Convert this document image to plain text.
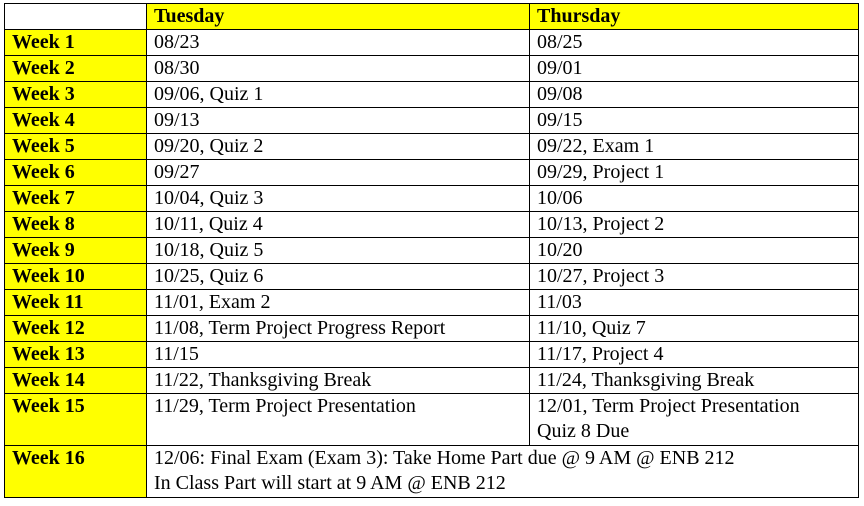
	Tuesday	Thursday
Week 1	08/23	08/25
Week 2	08/30	09/01
Week 3	09/06, Quiz 1	09/08
Week 4	09/13	09/15
Week 5	09/20, Quiz 2	09/22, Exam 1
Week 6	09/27	09/29, Project 1
Week 7	10/04, Quiz 3	10/06
Week 8	10/11, Quiz 4	10/13, Project 2
Week 9	10/18, Quiz 5	10/20
Week 10	10/25, Quiz 6	10/27, Project 3
Week 11	11/01, Exam 2	11/03
Week 12	11/08, Term Project Progress Report	11/10, Quiz 7
Week 13	11/15	11/17, Project 4
Week 14	11/22, Thanksgiving Break	11/24, Thanksgiving Break
Week 15	11/29, Term Project Presentation	12/01, Term Project Presentation
Quiz 8 Due

Week 16	12/06: Final Exam (Exam 3): Take Home Part due @ 9 AM @ ENB 212
In Class Part will start at 9 AM @ ENB 212	
